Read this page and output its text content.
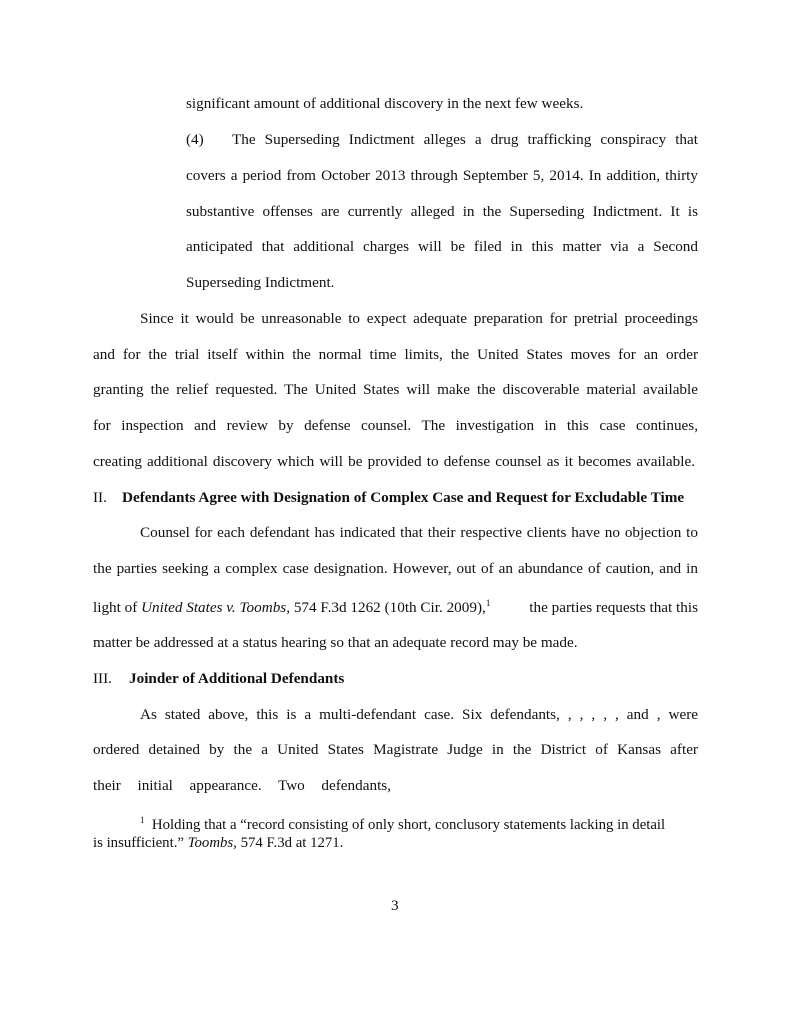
significant amount of additional discovery in the next few weeks.
(4) The Superseding Indictment alleges a drug trafficking conspiracy that
covers a period from October 2013 through September 5, 2014. In addition, thirty
substantive offenses are currently alleged in the Superseding Indictment. It is
anticipated that additional charges will be filed in this matter via a Second
Superseding Indictment.
Since it would be unreasonable to expect adequate preparation for pretrial proceedings
and for the trial itself within the normal time limits, the United States moves for an order
granting the relief requested. The United States will make the discoverable material available
for inspection and review by defense counsel. The investigation in this case continues,
creating additional discovery which will be provided to defense counsel as it becomes available.
II. Defendants Agree with Designation of Complex Case and Request for Excludable Time
Counsel for each defendant has indicated that their respective clients have no objection to
the parties seeking a complex case designation. However, out of an abundance of caution, and in
light of United States v. Toombs, 574 F.3d 1262 (10th Cir. 2009),$^1$	the parties requests that this
matter be addressed at a status hearing so that an adequate record may be made.
III. Joinder of Additional Defendants
As stated above, this is a multi-defendant case. Six defendants, , , , , , and , were
ordered detained by the a United States Magistrate Judge in the District of Kansas after
their initial appearance. Two defendants,
$^1$ Holding that a “record consisting of only short, conclusory statements lacking in detail
is insufficient.” Toombs, 574 F.3d at 1271.
3
